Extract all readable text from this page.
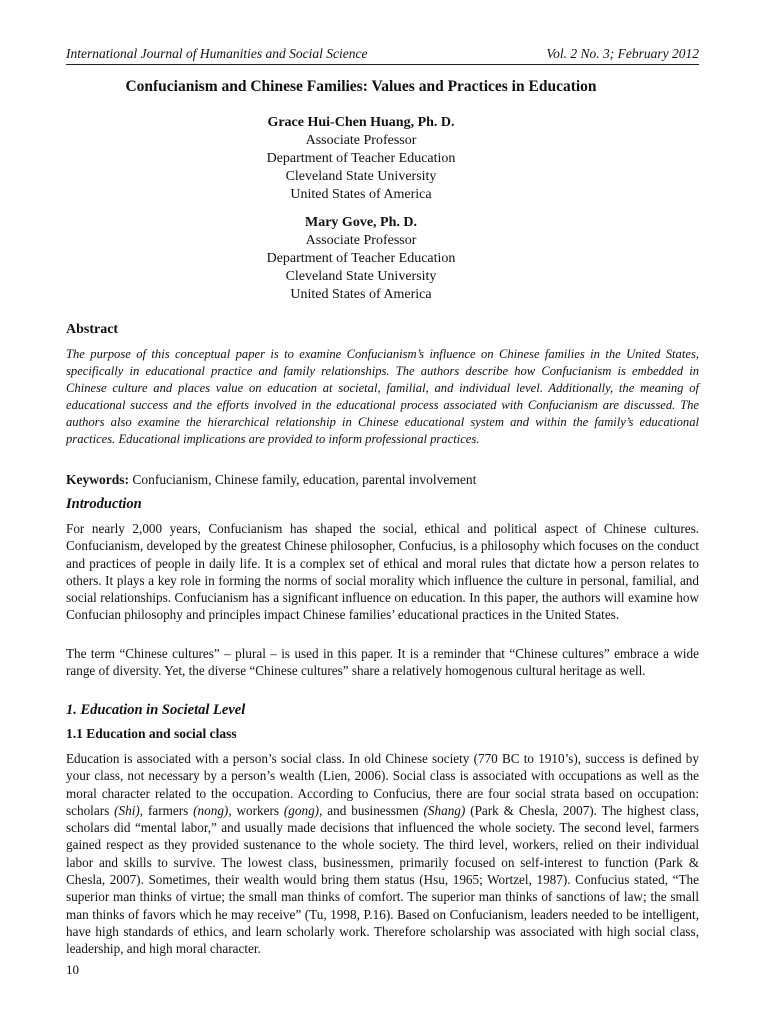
International Journal of Humanities and Social Science	Vol. 2 No. 3; February 2012
Confucianism and Chinese Families: Values and Practices in Education
Grace Hui-Chen Huang, Ph. D.
Associate Professor
Department of Teacher Education
Cleveland State University
United States of America
Mary Gove, Ph. D.
Associate Professor
Department of Teacher Education
Cleveland State University
United States of America
Abstract

The purpose of this conceptual paper is to examine Confucianism’s influence on Chinese families in the United States, specifically in educational practice and family relationships. The authors describe how Confucianism is embedded in Chinese culture and places value on education at societal, familial, and individual level. Additionally, the meaning of educational success and the efforts involved in the educational process associated with Confucianism are discussed. The authors also examine the hierarchical relationship in Chinese educational system and within the family’s educational practices. Educational implications are provided to inform professional practices.

Keywords: Confucianism, Chinese family, education, parental involvement
Introduction

For nearly 2,000 years, Confucianism has shaped the social, ethical and political aspect of Chinese cultures. Confucianism, developed by the greatest Chinese philosopher, Confucius, is a philosophy which focuses on the conduct and practices of people in daily life. It is a complex set of ethical and moral rules that dictate how a person relates to others. It plays a key role in forming the norms of social morality which influence the culture in personal, familial, and social relationships. Confucianism has a significant influence on education. In this paper, the authors will examine how Confucian philosophy and principles impact Chinese families’ educational practices in the United States.

The term “Chinese cultures” – plural – is used in this paper. It is a reminder that “Chinese cultures” embrace a wide range of diversity. Yet, the diverse “Chinese cultures” share a relatively homogenous cultural heritage as well.

1. Education in Societal Level
1.1 Education and social class

Education is associated with a person’s social class. In old Chinese society (770 BC to 1910’s), success is defined by your class, not necessary by a person’s wealth (Lien, 2006). Social class is associated with occupations as well as the moral character related to the occupation. According to Confucius, there are four social strata based on occupation: scholars (Shi), farmers (nong), workers (gong), and businessmen (Shang) (Park & Chesla, 2007). The highest class, scholars did “mental labor,” and usually made decisions that influenced the whole society. The second level, farmers gained respect as they provided sustenance to the whole society. The third level, workers, relied on their individual labor and skills to survive. The lowest class, businessmen, primarily focused on self-interest to function (Park & Chesla, 2007). Sometimes, their wealth would bring them status (Hsu, 1965; Wortzel, 1987). Confucius stated, “The superior man thinks of virtue; the small man thinks of comfort. The superior man thinks of sanctions of law; the small man thinks of favors which he may receive” (Tu, 1998, P.16). Based on Confucianism, leaders needed to be intelligent, have high standards of ethics, and learn scholarly work. Therefore scholarship was associated with high social class, leadership, and high moral character.

10
